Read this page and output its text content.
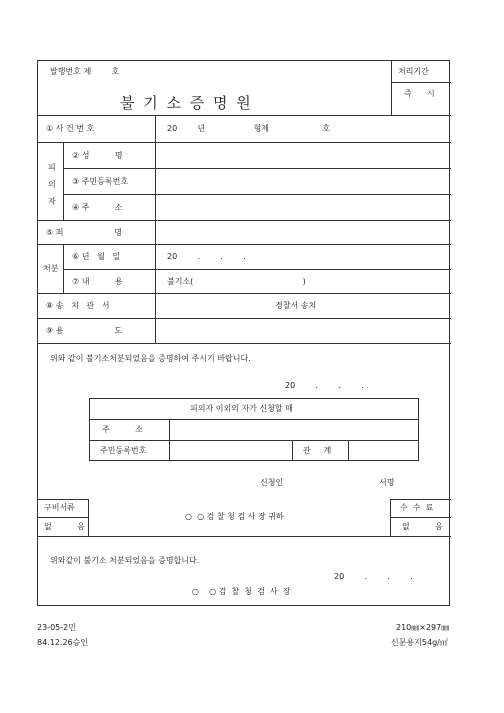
발행번호 제        호
불 기 소 증 명 원
처리기간
즉      시
① 사 건 번 호	20        년                   형제                     호
피
의
자
② 성          명
③ 주민등록번호
④ 주          소
⑤ 죄                    명
처분
⑥ 년   월   일	20        .        .        .
⑦ 내          용	불기소(                                           )
⑧ 송   치   관   서	경찰서 송치
⑨ 용                    도
위와 같이 불기소처분되었음을 증명하여 주시기 바랍니다.
20        .        .        .
피의자 이외의 자가 신청할 때
주          소
주민등록번호	관     계
신청인	서명
구비서류
없          음
○  ○ 검 찰 청 검 사 장 귀하
수  수  료
없          음
위와같이 불기소 처분되었음을 증명합니다.
20        .        .        .
○    ○ 검  찰  청  검  사  장
23-05-2민
84.12.26승인
210㎜×297㎜
신문용지54g/㎡
